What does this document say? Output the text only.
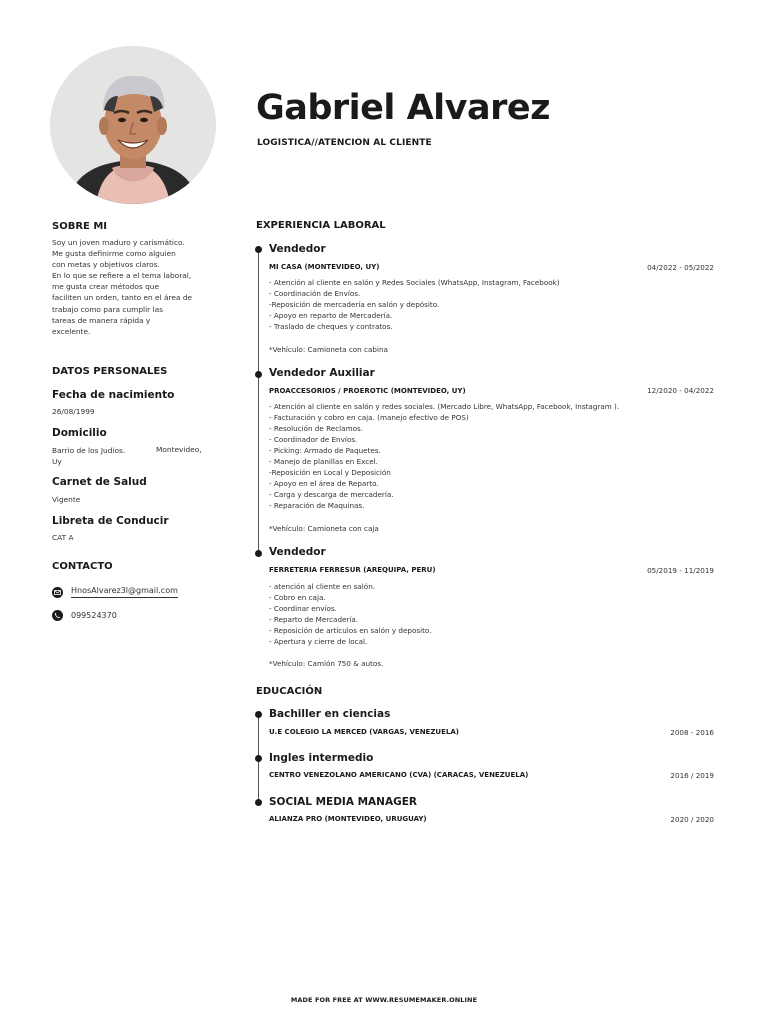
Gabriel Alvarez
LOGISTICA//ATENCION AL CLIENTE
SOBRE MI
Soy un joven maduro y carismático.
Me gusta definirme como alguien
con metas y objetivos claros.
En lo que se refiere a el tema laboral,
me gusta crear métodos que
faciliten un orden, tanto en el área de
trabajo como para cumplir las
tareas de manera rápida y
excelente.
DATOS PERSONALES
Fecha de nacimiento
26/08/1999
Domicilio
Barrio de los Judios.	Montevideo,
Uy
Carnet de Salud
Vigente
Libreta de Conducir
CAT A
CONTACTO
HnosAlvarez3l@gmail.com
099524370
EXPERIENCIA LABORAL
Vendedor
MI CASA (MONTEVIDEO, UY)	04/2022 - 05/2022
- Atención al cliente en salón y Redes Sociales (WhatsApp, Instagram, Facebook)
- Coordinación de Envíos.
-Reposición de mercadería en salón y depósito.
- Apoyo en reparto de Mercadería.
- Traslado de cheques y contratos.
*Vehículo: Camioneta con cabina
Vendedor Auxiliar
PROACCESORIOS / PROEROTIC (MONTEVIDEO, UY)	12/2020 - 04/2022
- Atención al cliente en salón y redes sociales. (Mercado Libre, WhatsApp, Facebook, Instagram ).
- Facturación y cobro en caja. (manejo efectivo de POS)
- Resolución de Reclamos.
- Coordinador de Envíos.
- Picking: Armado de Paquetes.
- Manejo de planillas en Excel.
-Reposición en Local y Deposición
- Apoyo en el área de Reparto.
- Carga y descarga de mercadería.
- Reparación de Maquinas.
*Vehículo: Camioneta con caja
Vendedor
FERRETERIA FERRESUR (AREQUIPA, PERU)	05/2019 - 11/2019
- atención al cliente en salón.
- Cobro en caja.
- Coordinar envíos.
- Reparto de Mercadería.
- Reposición de artículos en salón y deposito.
- Apertura y cierre de local.
*Vehículo: Camión 750 & autos.
EDUCACIÓN
Bachiller en ciencias
U.E COLEGIO LA MERCED (VARGAS, VENEZUELA)	2008 - 2016
Ingles intermedio
CENTRO VENEZOLANO AMERICANO (CVA) (CARACAS, VENEZUELA)	2016 / 2019
SOCIAL MEDIA MANAGER
ALIANZA PRO (MONTEVIDEO, URUGUAY)	2020 / 2020
MADE FOR FREE AT WWW.RESUMEMAKER.ONLINE
